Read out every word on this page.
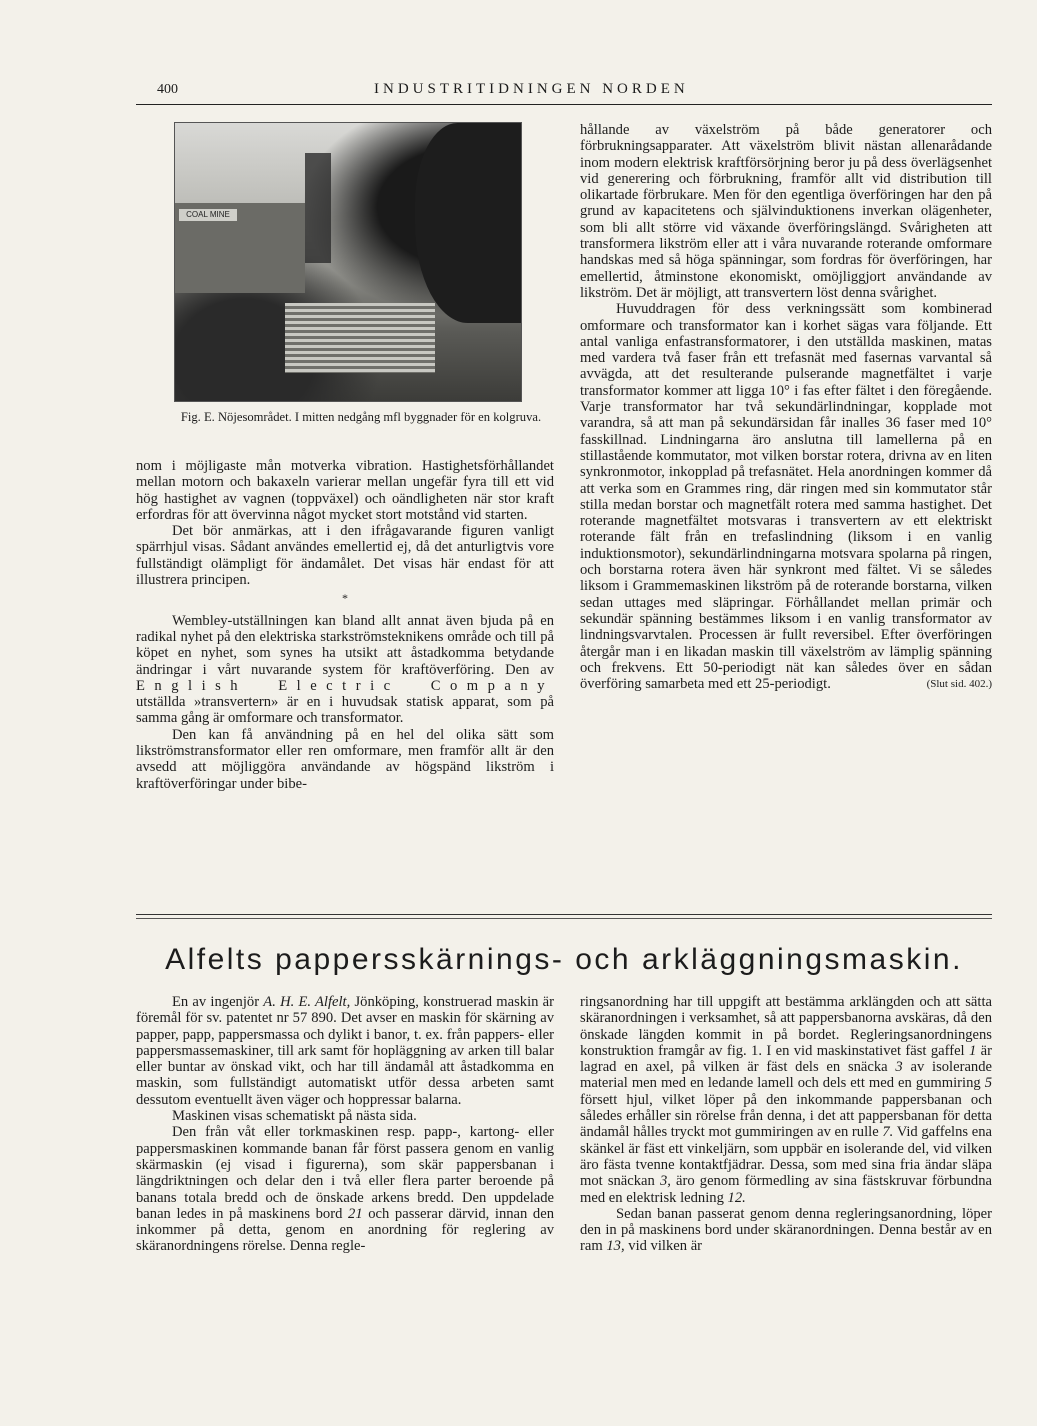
400	INDUSTRITIDNINGEN NORDEN
COAL MINE
Fig. E. Nöjesområdet. I mitten nedgång mfl byggnader för en kolgruva.

nom i möjligaste mån motverka vibration. Hastighetsförhållandet mellan motorn och bakaxeln varierar mellan ungefär fyra till ett vid hög hastighet av vagnen (toppväxel) och oändligheten när stor kraft erfordras för att övervinna något mycket stort motstånd vid starten.

Det bör anmärkas, att i den ifrågavarande figuren vanligt spärrhjul visas. Sådant användes emellertid ej, då det anturligtvis vore fullständigt olämpligt för ändamålet. Det visas här endast för att illustrera principen.

*

Wembley-utställningen kan bland allt annat även bjuda på en radikal nyhet på den elektriska starkströmsteknikens område och till på köpet en nyhet, som synes ha utsikt att åstadkomma betydande ändringar i vårt nuvarande system för kraftöverföring. Den av English Electric Company utställda »transvertern» är en i huvudsak statisk apparat, som på samma gång är omformare och transformator.

Den kan få användning på en hel del olika sätt som likströmstransformator eller ren omformare, men framför allt är den avsedd att möjliggöra användande av högspänd likström i kraftöverföringar under bibe-

hållande av växelström på både generatorer och förbrukningsapparater. Att växelström blivit nästan allenarådande inom modern elektrisk kraftförsörjning beror ju på dess överlägsenhet vid generering och förbrukning, framför allt vid distribution till olikartade förbrukare. Men för den egentliga överföringen har den på grund av kapacitetens och självinduktionens inverkan olägenheter, som bli allt större vid växande överföringslängd. Svårigheten att transformera likström eller att i våra nuvarande roterande omformare handskas med så höga spänningar, som fordras för överföringen, har emellertid, åtminstone ekonomiskt, omöjliggjort användande av likström. Det är möjligt, att transvertern löst denna svårighet.

Huvuddragen för dess verkningssätt som kombinerad omformare och transformator kan i korhet sägas vara följande. Ett antal vanliga enfastransformatorer, i den utställda maskinen, matas med vardera två faser från ett trefasnät med fasernas varvantal så avvägda, att det resulterande pulserande magnetfältet i varje transformator kommer att ligga 10° i fas efter fältet i den föregående. Varje transformator har två sekundärlindningar, kopplade mot varandra, så att man på sekundärsidan får inalles 36 faser med 10° fasskillnad. Lindningarna äro anslutna till lamellerna på en stillastående kommutator, mot vilken borstar rotera, drivna av en liten synkronmotor, inkopplad på trefasnätet. Hela anordningen kommer då att verka som en Grammes ring, där ringen med sin kommutator står stilla medan borstar och magnetfält rotera med samma hastighet. Det roterande magnetfältet motsvaras i transvertern av ett elektriskt roterande fält från en trefaslindning (liksom i en vanlig induktionsmotor), sekundärlindningarna motsvara spolarna på ringen, och borstarna rotera även här synkront med fältet. Vi se således liksom i Grammemaskinen likström på de roterande borstarna, vilken sedan uttages med släpringar. Förhållandet mellan primär och sekundär spänning bestämmes liksom i en vanlig transformator av lindningsvarvtalen. Processen är fullt reversibel. Efter överföringen återgår man i en likadan maskin till växelström av lämplig spänning och frekvens. Ett 50-periodigt nät kan således över en sådan överföring samarbeta med ett 25-periodigt.	(Slut sid. 402.)

Alfelts pappersskärnings- och arkläggningsmaskin.

En av ingenjör A. H. E. Alfelt, Jönköping, konstruerad maskin är föremål för sv. patentet nr 57 890. Det avser en maskin för skärning av papper, papp, pappersmassa och dylikt i banor, t. ex. från pappers- eller pappersmassemaskiner, till ark samt för hopläggning av arken till balar eller buntar av önskad vikt, och har till ändamål att åstadkomma en maskin, som fullständigt automatiskt utför dessa arbeten samt dessutom eventuellt även väger och hoppressar balarna.

Maskinen visas schematiskt på nästa sida.

Den från våt eller torkmaskinen resp. papp-, kartong- eller pappersmaskinen kommande banan får först passera genom en vanlig skärmaskin (ej visad i figurerna), som skär pappersbanan i längdriktningen och delar den i två eller flera parter beroende på banans totala bredd och de önskade arkens bredd. Den uppdelade banan ledes in på maskinens bord 21 och passerar därvid, innan den inkommer på detta, genom en anordning för reglering av skäranordningens rörelse. Denna regle-

ringsanordning har till uppgift att bestämma arklängden och att sätta skäranordningen i verksamhet, så att pappersbanorna avskäras, då den önskade längden kommit in på bordet. Regleringsanordningens konstruktion framgår av fig. 1. I en vid maskinstativet fäst gaffel 1 är lagrad en axel, på vilken är fäst dels en snäcka 3 av isolerande material men med en ledande lamell och dels ett med en gummiring 5 försett hjul, vilket löper på den inkommande pappersbanan och således erhåller sin rörelse från denna, i det att pappersbanan för detta ändamål hålles tryckt mot gummiringen av en rulle 7. Vid gaffelns ena skänkel är fäst ett vinkeljärn, som uppbär en isolerande del, vid vilken äro fästa tvenne kontaktfjädrar. Dessa, som med sina fria ändar släpa mot snäckan 3, äro genom förmedling av sina fästskruvar förbundna med en elektrisk ledning 12.

Sedan banan passerat genom denna regleringsanordning, löper den in på maskinens bord under skäranordningen. Denna består av en ram 13, vid vilken är
